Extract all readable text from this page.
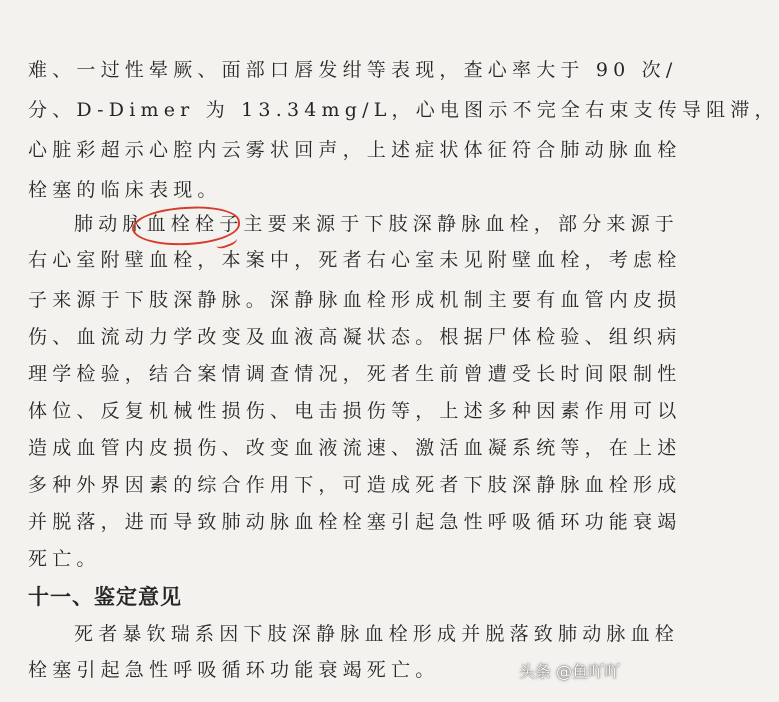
难、一过性晕厥、面部口唇发绀等表现，查心率大于 90 次/
分、D-Dimer 为 13.34mg/L，心电图示不完全右束支传导阻滞，
心脏彩超示心腔内云雾状回声，上述症状体征符合肺动脉血栓
栓塞的临床表现。
肺动脉血栓栓子主要来源于下肢深静脉血栓，部分来源于
右心室附壁血栓，本案中，死者右心室未见附壁血栓，考虑栓
子来源于下肢深静脉。深静脉血栓形成机制主要有血管内皮损
伤、血流动力学改变及血液高凝状态。根据尸体检验、组织病
理学检验，结合案情调查情况，死者生前曾遭受长时间限制性
体位、反复机械性损伤、电击损伤等，上述多种因素作用可以
造成血管内皮损伤、改变血液流速、激活血凝系统等，在上述
多种外界因素的综合作用下，可造成死者下肢深静脉血栓形成
并脱落，进而导致肺动脉血栓栓塞引起急性呼吸循环功能衰竭
死亡。
十一、鉴定意见
死者暴钦瑞系因下肢深静脉血栓形成并脱落致肺动脉血栓
栓塞引起急性呼吸循环功能衰竭死亡。	头条 @鱼吖吖
